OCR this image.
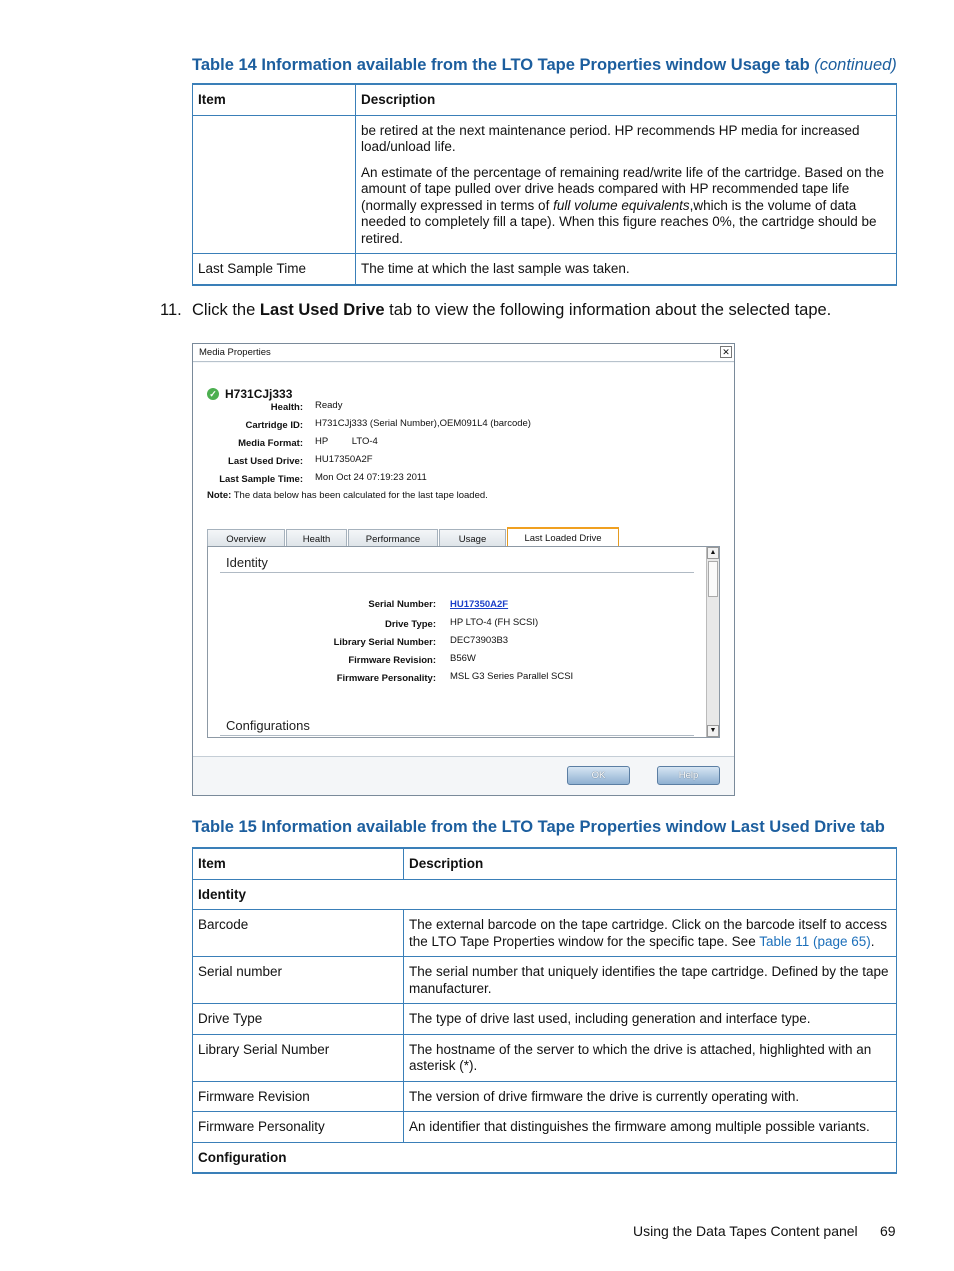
Table 14 Information available from the LTO Tape Properties window Usage tab (continued)
Item	Description

	be retired at the next maintenance period. HP recommends HP media for increased load/unload life.

An estimate of the percentage of remaining read/write life of the cartridge. Based on the amount of tape pulled over drive heads compared with HP recommended tape life (normally expressed in terms of full volume equivalents,which is the volume of data needed to completely fill a tape). When this figure reaches 0%, the cartridge should be retired.

Last Sample Time	The time at which the last sample was taken.
11. Click the Last Used Drive tab to view the following information about the selected tape.
Media Properties	✕
✓ H731CJj333
Health: Ready
Cartridge ID: H731CJj333 (Serial Number),OEM091L4 (barcode)
Media Format: HP         LTO-4
Last Used Drive: HU17350A2F
Last Sample Time: Mon Oct 24 07:19:23 2011
Note: The data below has been calculated for the last tape loaded.
Overview	Health	Performance	Usage	Last Loaded Drive
Identity
Serial Number: HU17350A2F
Drive Type: HP LTO-4 (FH SCSI)
Library Serial Number: DEC73903B3
Firmware Revision: B56W
Firmware Personality: MSL G3 Series Parallel SCSI
Configurations
▲
▼
OK	Help
Table 15 Information available from the LTO Tape Properties window Last Used Drive tab
Item	Description
Identity	
Barcode	The external barcode on the tape cartridge. Click on the barcode itself to access the LTO Tape Properties window for the specific tape. See Table 11 (page 65).
Serial number	The serial number that uniquely identifies the tape cartridge. Defined by the tape manufacturer.
Drive Type	The type of drive last used, including generation and interface type.
Library Serial Number	The hostname of the server to which the drive is attached, highlighted with an asterisk (*).
Firmware Revision	The version of drive firmware the drive is currently operating with.
Firmware Personality	An identifier that distinguishes the firmware among multiple possible variants.
Configuration	
Using the Data Tapes Content panel 69
